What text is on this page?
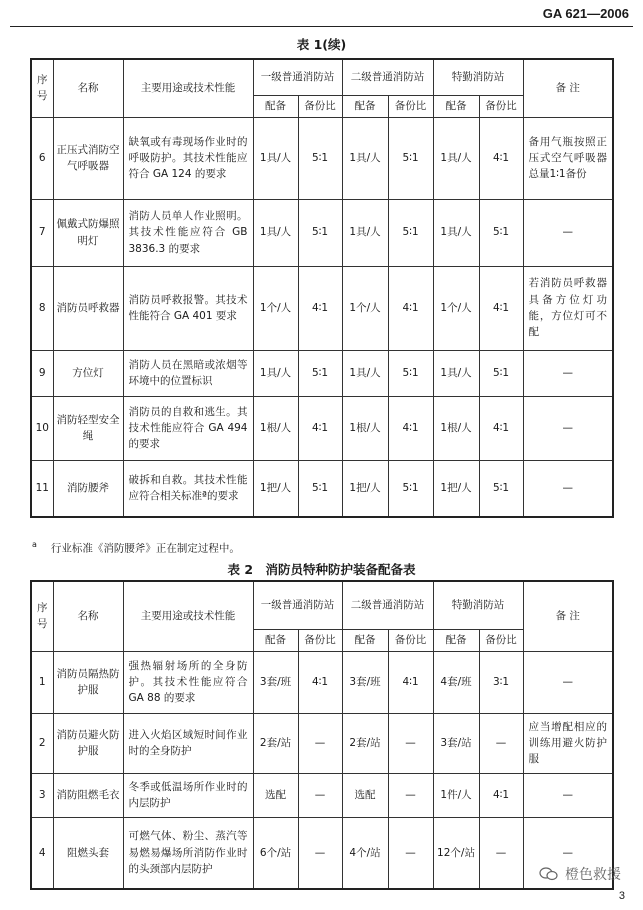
GA 621—2006
表 1(续)
序号	名称	主要用途或技术性能	一级普通消防站		二级普通消防站		特勤消防站		备 注
			配备	备份比	配备	备份比	配备	备份比	
6	正压式消防空气呼吸器	缺氧或有毒现场作业时的呼吸防护。其技术性能应符合 GA 124 的要求	1具/人	5∶1	1具/人	5∶1	1具/人	4∶1	备用气瓶按照正压式空气呼吸器总量1∶1备份
7	佩戴式防爆照明灯	消防人员单人作业照明。其技术性能应符合 GB 3836.3 的要求	1具/人	5∶1	1具/人	5∶1	1具/人	5∶1	—
8	消防员呼救器	消防员呼救报警。其技术性能符合 GA 401 要求	1个/人	4∶1	1个/人	4∶1	1个/人	4∶1	若消防员呼救器具备方位灯功能，方位灯可不配
9	方位灯	消防人员在黑暗或浓烟等环境中的位置标识	1具/人	5∶1	1具/人	5∶1	1具/人	5∶1	—
10	消防轻型安全绳	消防员的自救和逃生。其技术性能应符合 GA 494 的要求	1根/人	4∶1	1根/人	4∶1	1根/人	4∶1	—
11	消防腰斧	破拆和自救。其技术性能应符合相关标准ª的要求	1把/人	5∶1	1把/人	5∶1	1把/人	5∶1	—
$^a$ 行业标准《消防腰斧》正在制定过程中。
表 2　消防员特种防护装备配备表
序号	名称	主要用途或技术性能	一级普通消防站		二级普通消防站		特勤消防站		备 注
			配备	备份比	配备	备份比	配备	备份比	
1	消防员隔热防护服	强热辐射场所的全身防护。其技术性能应符合 GA 88 的要求	3套/班	4∶1	3套/班	4∶1	4套/班	3∶1	—
2	消防员避火防护服	进入火焰区域短时间作业时的全身防护	2套/站	—	2套/站	—	3套/站	—	应当增配相应的训练用避火防护服
3	消防阻燃毛衣	冬季或低温场所作业时的内层防护	选配	—	选配	—	1件/人	4∶1	—
4	阻燃头套	可燃气体、粉尘、蒸汽等易燃易爆场所消防作业时的头颈部内层防护	6个/站	—	4个/站	—	12个/站	—	—
橙色救援
3
